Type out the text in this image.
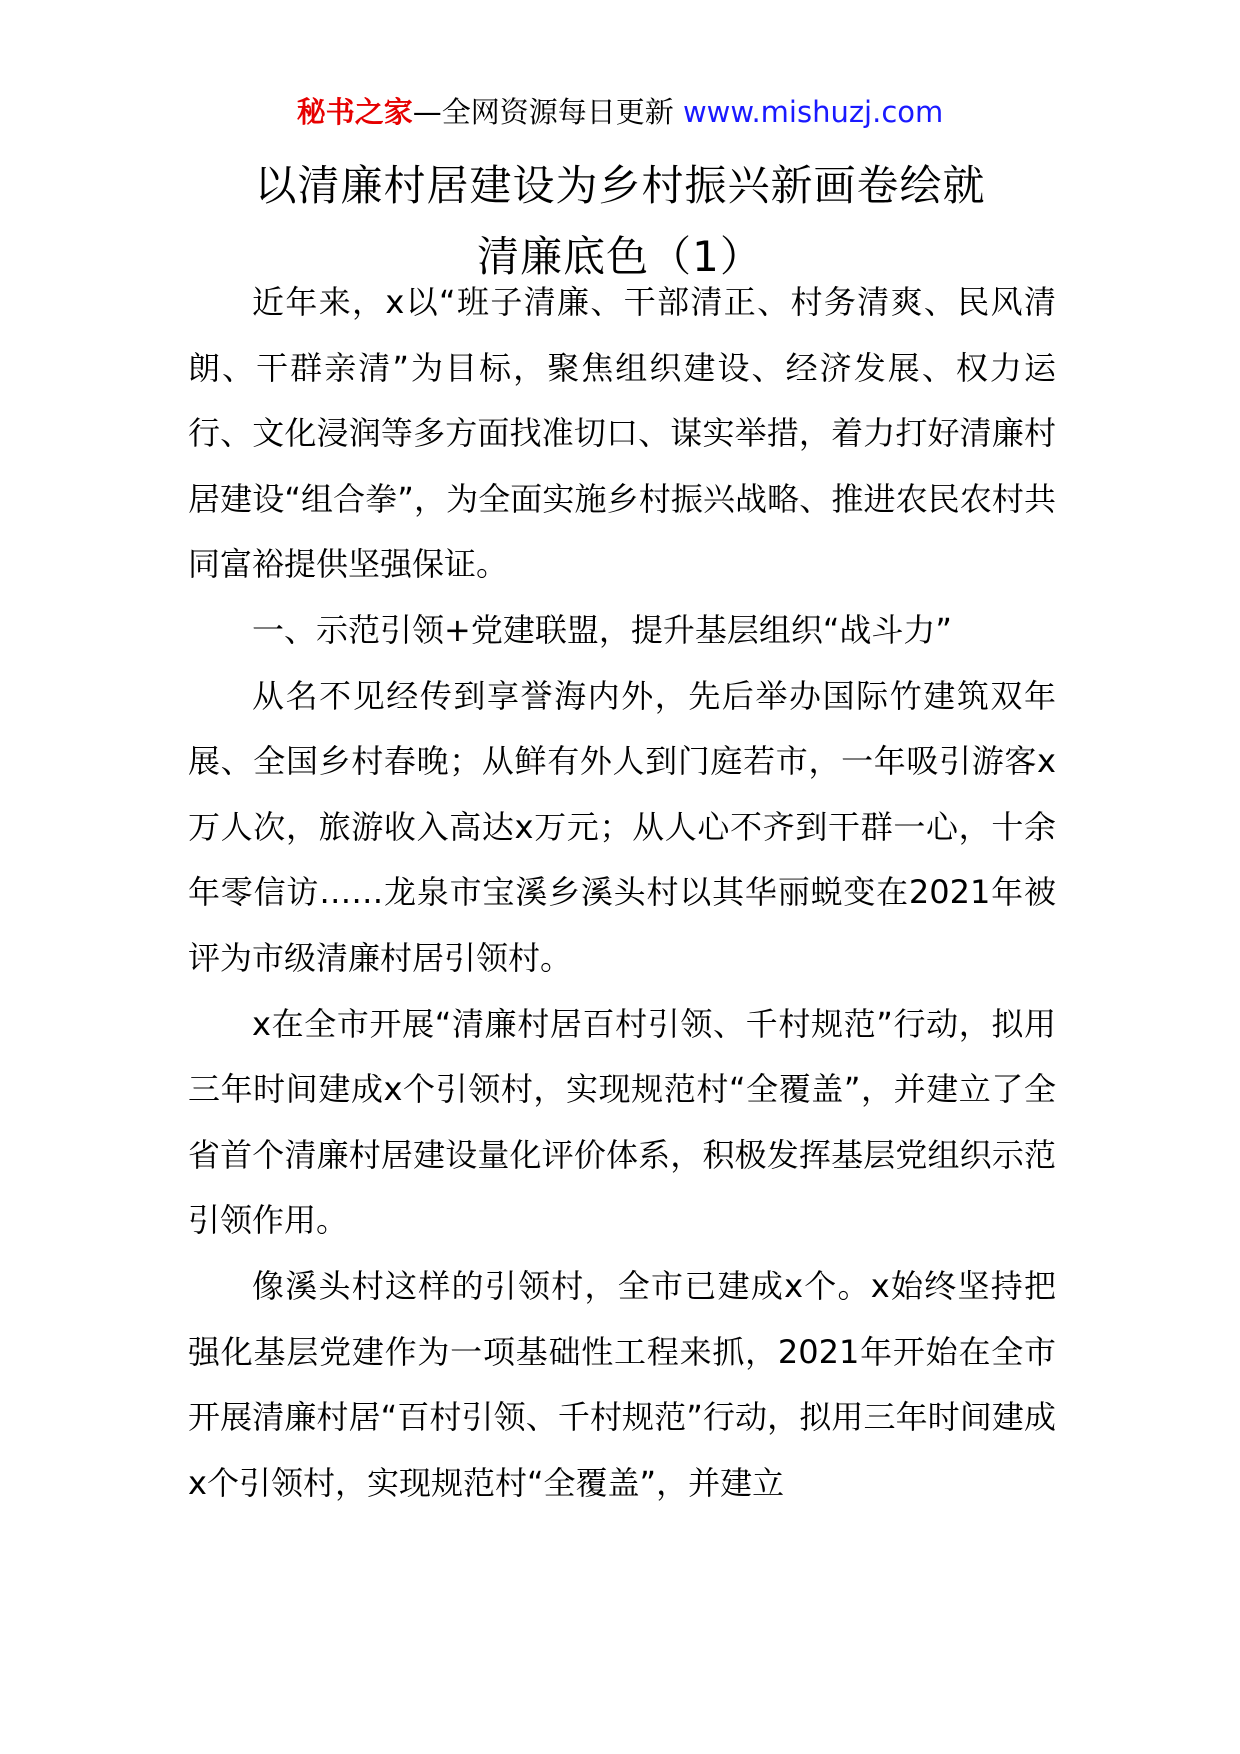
秘书之家—全网资源每日更新 www.mishuzj.com
以清廉村居建设为乡村振兴新画卷绘就
清廉底色（1）

近年来，x以“班子清廉、干部清正、村务清爽、民风清朗、干群亲清”为目标，聚焦组织建设、经济发展、权力运行、文化浸润等多方面找准切口、谋实举措，着力打好清廉村居建设“组合拳”，为全面实施乡村振兴战略、推进农民农村共同富裕提供坚强保证。

一、示范引领+党建联盟，提升基层组织“战斗力”

从名不见经传到享誉海内外，先后举办国际竹建筑双年展、全国乡村春晚；从鲜有外人到门庭若市，一年吸引游客x万人次，旅游收入高达x万元；从人心不齐到干群一心，十余年零信访……龙泉市宝溪乡溪头村以其华丽蜕变在2021年被评为市级清廉村居引领村。

x在全市开展“清廉村居百村引领、千村规范”行动，拟用三年时间建成x个引领村，实现规范村“全覆盖”，并建立了全省首个清廉村居建设量化评价体系，积极发挥基层党组织示范引领作用。

像溪头村这样的引领村，全市已建成x个。x始终坚持把强化基层党建作为一项基础性工程来抓，2021年开始在全市开展清廉村居“百村引领、千村规范”行动，拟用三年时间建成x个引领村，实现规范村“全覆盖”，并建立
